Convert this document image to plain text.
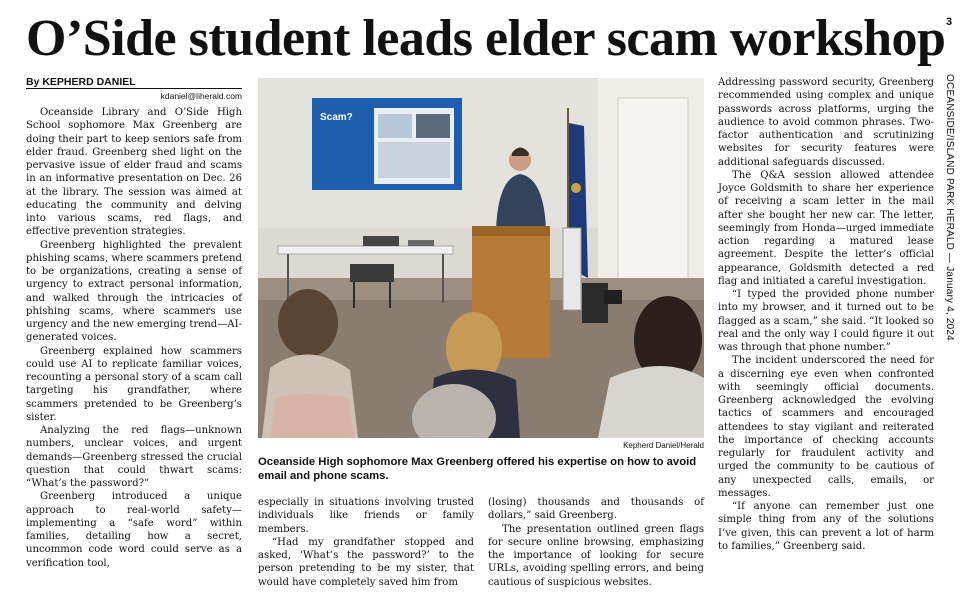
O’Side student leads elder scam workshop 3
OCEANSIDE/ISLAND PARK HERALD — January 4, 2024
By KEPHERD DANIEL
kdaniel@liherald.com

Oceanside Library and O’Side High School sophomore Max Greenberg are doing their part to keep seniors safe from elder fraud. Greenberg shed light on the pervasive issue of elder fraud and scams in an informative presentation on Dec. 26 at the library. The session was aimed at educating the community and delving into various scams, red flags, and effective prevention strategies.

Greenberg highlighted the prevalent phishing scams, where scammers pretend to be organizations, creating a sense of urgency to extract personal information, and walked through the intricacies of phishing scams, where scammers use urgency and the new emerging trend—AI-generated voices.

Greenberg explained how scammers could use AI to replicate familiar voices, recounting a personal story of a scam call targeting his grandfather, where scammers pretended to be Greenberg’s sister.

Analyzing the red flags—unknown numbers, unclear voices, and urgent demands—Greenberg stressed the crucial question that could thwart scams: “What’s the password?”

Greenberg introduced a unique approach to real-world safety—implementing a “safe word” within families, detailing how a secret, uncommon code word could serve as a verification tool,

Scam?
Kepherd Daniel/Herald
Oceanside High sophomore Max Greenberg offered his expertise on how to avoid email and phone scams.

especially in situations involving trusted individuals like friends or family members.

“Had my grandfather stopped and asked, ‘What’s the password?’ to the person pretending to be my sister, that would have completely saved him from

(losing) thousands and thousands of dollars,” said Greenberg.

The presentation outlined green flags for secure online browsing, emphasizing the importance of looking for secure URLs, avoiding spelling errors, and being cautious of suspicious websites.

Addressing password security, Greenberg recommended using complex and unique passwords across platforms, urging the audience to avoid common phrases. Two-factor authentication and scrutinizing websites for security features were additional safeguards discussed.

The Q&A session allowed attendee Joyce Goldsmith to share her experience of receiving a scam letter in the mail after she bought her new car. The letter, seemingly from Honda—urged immediate action regarding a matured lease agreement. Despite the letter’s official appearance, Goldsmith detected a red flag and initiated a careful investigation.

“I typed the provided phone number into my browser, and it turned out to be flagged as a scam,” she said. “It looked so real and the only way I could figure it out was through that phone number.”

The incident underscored the need for a discerning eye even when confronted with seemingly official documents. Greenberg acknowledged the evolving tactics of scammers and encouraged attendees to stay vigilant and reiterated the importance of checking accounts regularly for fraudulent activity and urged the community to be cautious of any unexpected calls, emails, or messages.

“If anyone can remember just one simple thing from any of the solutions I’ve given, this can prevent a lot of harm to families,” Greenberg said.
